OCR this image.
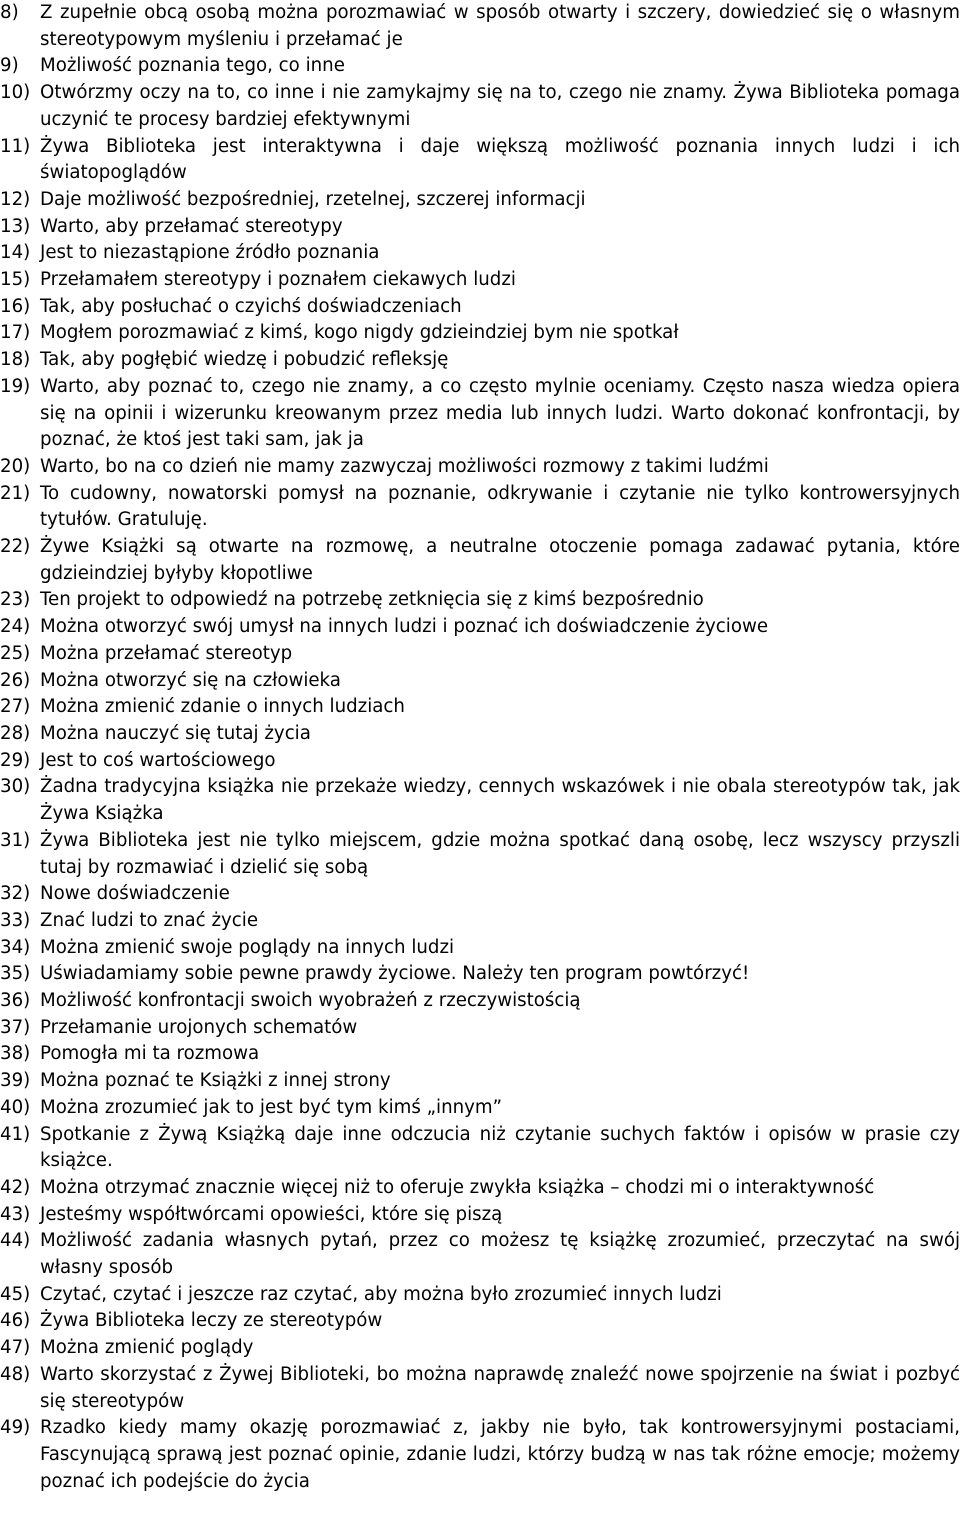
8)	Z zupełnie obcą osobą można porozmawiać w sposób otwarty i szczery, dowiedzieć się o własnym stereotypowym myśleniu i przełamać je
9)	Możliwość poznania tego, co inne
10) Otwórzmy oczy na to, co inne i nie zamykajmy się na to, czego nie znamy. Żywa Biblioteka pomaga uczynić te procesy bardziej efektywnymi
11) Żywa Biblioteka jest interaktywna i daje większą możliwość poznania innych ludzi i ich światopoglądów
12) Daje możliwość bezpośredniej, rzetelnej, szczerej informacji
13) Warto, aby przełamać stereotypy
14) Jest to niezastąpione źródło poznania
15) Przełamałem stereotypy i poznałem ciekawych ludzi
16) Tak, aby posłuchać o czyichś doświadczeniach
17) Mogłem porozmawiać z kimś, kogo nigdy gdzieindziej bym nie spotkał
18) Tak, aby pogłębić wiedzę i pobudzić refleksję
19) Warto, aby poznać to, czego nie znamy, a co często mylnie oceniamy. Często nasza wiedza opiera się na opinii i wizerunku kreowanym przez media lub innych ludzi. Warto dokonać konfrontacji, by poznać, że ktoś jest taki sam, jak ja
20) Warto, bo na co dzień nie mamy zazwyczaj możliwości rozmowy z takimi ludźmi
21) To cudowny, nowatorski pomysł na poznanie, odkrywanie i czytanie nie tylko kontrowersyjnych tytułów. Gratuluję.
22) Żywe Książki są otwarte na rozmowę, a neutralne otoczenie pomaga zadawać pytania, które gdzieindziej byłyby kłopotliwe
23) Ten projekt to odpowiedź na potrzebę zetknięcia się z kimś bezpośrednio
24) Można otworzyć swój umysł na innych ludzi i poznać ich doświadczenie życiowe
25) Można przełamać stereotyp
26) Można otworzyć się na człowieka
27) Można zmienić zdanie o innych ludziach
28) Można nauczyć się tutaj życia
29) Jest to coś wartościowego
30) Żadna tradycyjna książka nie przekaże wiedzy, cennych wskazówek i nie obala stereotypów tak, jak Żywa Książka
31) Żywa Biblioteka jest nie tylko miejscem, gdzie można spotkać daną osobę, lecz wszyscy przyszli tutaj by rozmawiać i dzielić się sobą
32) Nowe doświadczenie
33) Znać ludzi to znać życie
34) Można zmienić swoje poglądy na innych ludzi
35) Uświadamiamy sobie pewne prawdy życiowe. Należy ten program powtórzyć!
36) Możliwość konfrontacji swoich wyobrażeń z rzeczywistością
37) Przełamanie urojonych schematów
38) Pomogła mi ta rozmowa
39) Można poznać te Książki z innej strony
40) Można zrozumieć jak to jest być tym kimś „innym”
41) Spotkanie z Żywą Książką daje inne odczucia niż czytanie suchych faktów i opisów w prasie czy książce.
42) Można otrzymać znacznie więcej niż to oferuje zwykła książka – chodzi mi o interaktywność
43) Jesteśmy współtwórcami opowieści, które się piszą
44) Możliwość zadania własnych pytań, przez co możesz tę książkę zrozumieć, przeczytać na swój własny sposób
45) Czytać, czytać i jeszcze raz czytać, aby można było zrozumieć innych ludzi
46) Żywa Biblioteka leczy ze stereotypów
47) Można zmienić poglądy
48) Warto skorzystać z Żywej Biblioteki, bo można naprawdę znaleźć nowe spojrzenie na świat i pozbyć się stereotypów
49) Rzadko kiedy mamy okazję porozmawiać z, jakby nie było, tak kontrowersyjnymi postaciami, Fascynującą sprawą jest poznać opinie, zdanie ludzi, którzy budzą w nas tak różne emocje; możemy poznać ich podejście do życia
